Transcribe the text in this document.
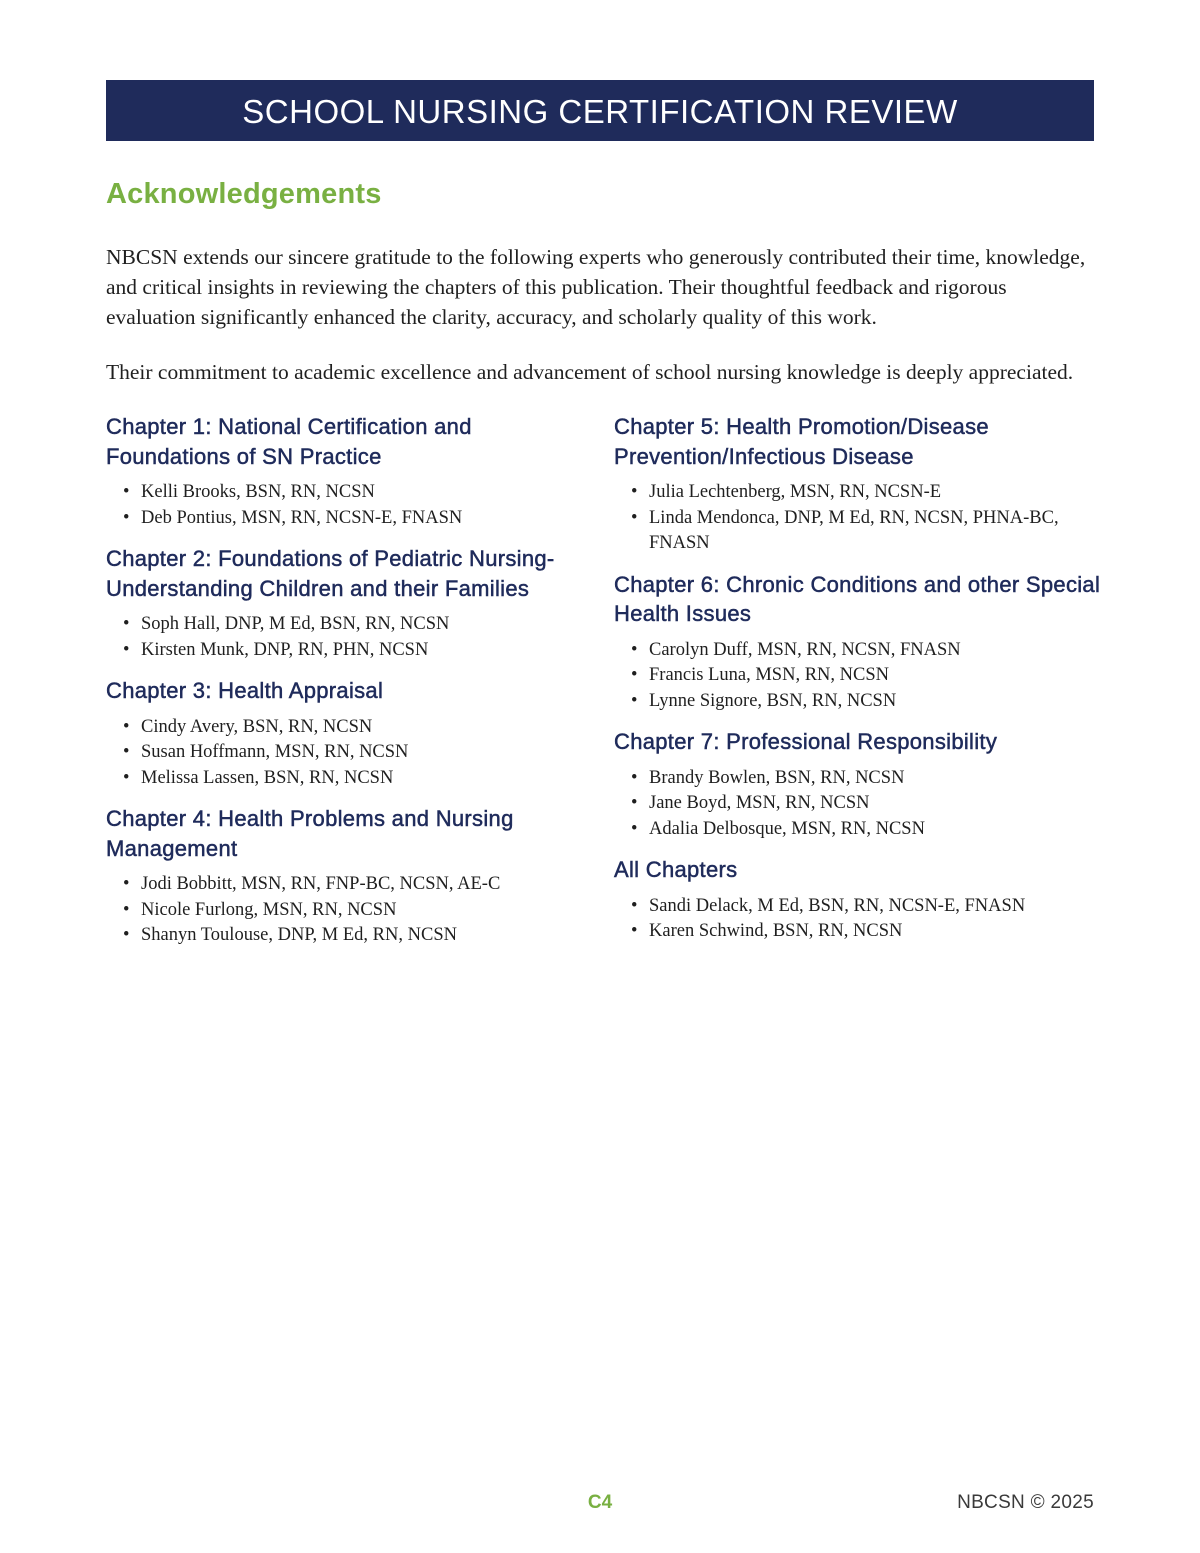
SCHOOL NURSING CERTIFICATION REVIEW
Acknowledgements

NBCSN extends our sincere gratitude to the following experts who generously contributed their time, knowledge, and critical insights in reviewing the chapters of this publication. Their thoughtful feedback and rigorous evaluation significantly enhanced the clarity, accuracy, and scholarly quality of this work.

Their commitment to academic excellence and advancement of school nursing knowledge is deeply appreciated.

Chapter 1: National Certification and Foundations of SN Practice
• Kelli Brooks, BSN, RN, NCSN
• Deb Pontius, MSN, RN, NCSN-E, FNASN
Chapter 2: Foundations of Pediatric Nursing-Understanding Children and their Families
• Soph Hall, DNP, M Ed, BSN, RN, NCSN
• Kirsten Munk, DNP, RN, PHN, NCSN
Chapter 3: Health Appraisal
• Cindy Avery, BSN, RN, NCSN
• Susan Hoffmann, MSN, RN, NCSN
• Melissa Lassen, BSN, RN, NCSN
Chapter 4: Health Problems and Nursing Management
• Jodi Bobbitt, MSN, RN, FNP-BC, NCSN, AE-C
• Nicole Furlong, MSN, RN, NCSN
• Shanyn Toulouse, DNP, M Ed, RN, NCSN
Chapter 5: Health Promotion/Disease Prevention/Infectious Disease
• Julia Lechtenberg, MSN, RN, NCSN-E
• Linda Mendonca, DNP, M Ed, RN, NCSN, PHNA-BC, FNASN
Chapter 6: Chronic Conditions and other Special Health Issues
• Carolyn Duff, MSN, RN, NCSN, FNASN
• Francis Luna, MSN, RN, NCSN
• Lynne Signore, BSN, RN, NCSN
Chapter 7: Professional Responsibility
• Brandy Bowlen, BSN, RN, NCSN
• Jane Boyd, MSN, RN, NCSN
• Adalia Delbosque, MSN, RN, NCSN
All Chapters
• Sandi Delack, M Ed, BSN, RN, NCSN-E, FNASN
• Karen Schwind, BSN, RN, NCSN
C4	NBCSN © 2025
